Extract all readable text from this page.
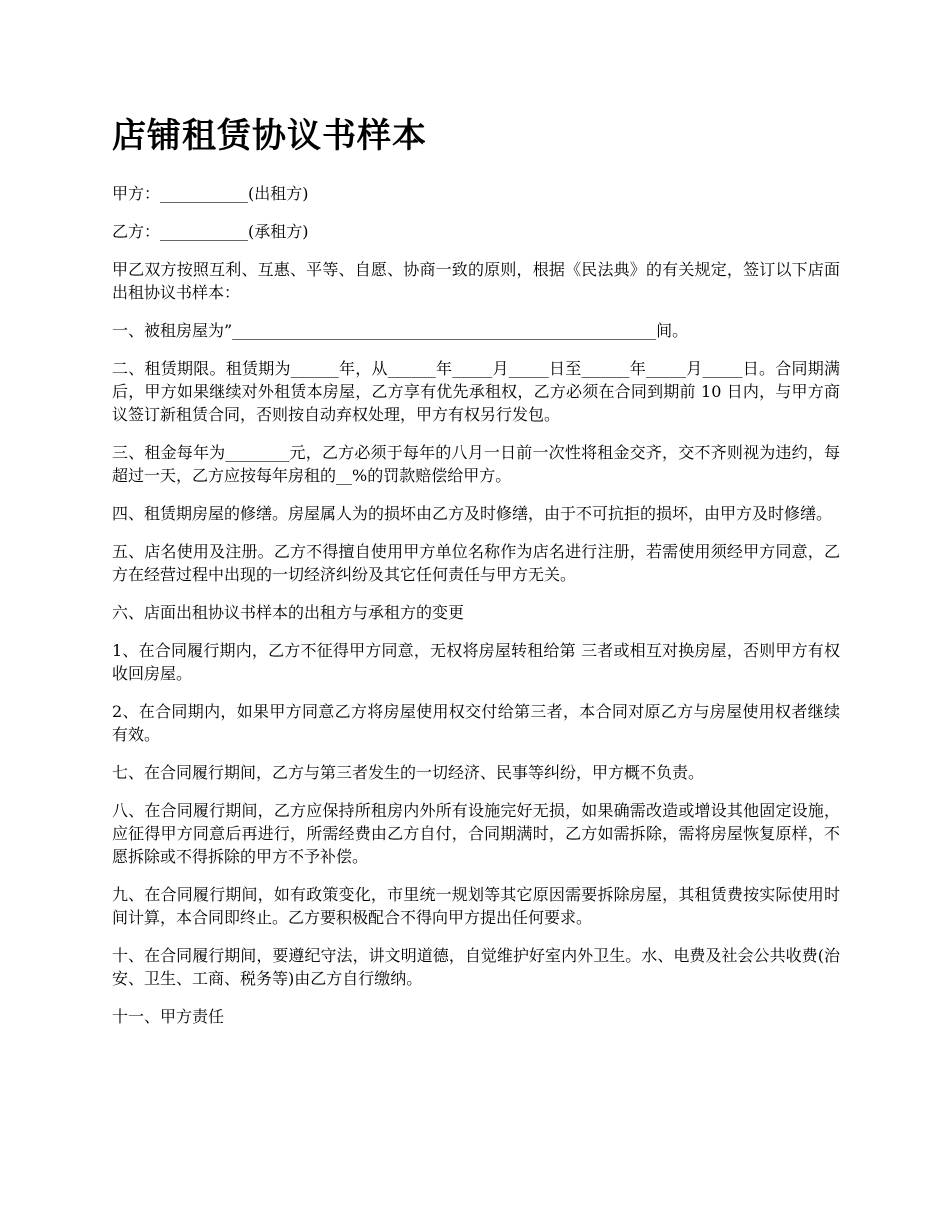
店铺租赁协议书样本

甲方：___________(出租方)

乙方：___________(承租方)

甲乙双方按照互利、互惠、平等、自愿、协商一致的原则，根据《民法典》的有关规定，签订以下店面出租协议书样本：

一、被租房屋为”_____________________________________________________间。

二、租赁期限。租赁期为______年，从______年_____月_____日至______年_____月_____日。合同期满后，甲方如果继续对外租赁本房屋，乙方享有优先承租权，乙方必须在合同到期前 10 日内，与甲方商议签订新租赁合同，否则按自动弃权处理，甲方有权另行发包。

三、租金每年为________元，乙方必须于每年的八月一日前一次性将租金交齐，交不齐则视为违约，每超过一天，乙方应按每年房租的__%的罚款赔偿给甲方。

四、租赁期房屋的修缮。房屋属人为的损坏由乙方及时修缮，由于不可抗拒的损坏，由甲方及时修缮。

五、店名使用及注册。乙方不得擅自使用甲方单位名称作为店名进行注册，若需使用须经甲方同意，乙方在经营过程中出现的一切经济纠纷及其它任何责任与甲方无关。

六、店面出租协议书样本的出租方与承租方的变更

1、在合同履行期内，乙方不征得甲方同意，无权将房屋转租给第 三者或相互对换房屋，否则甲方有权收回房屋。

2、在合同期内，如果甲方同意乙方将房屋使用权交付给第三者，本合同对原乙方与房屋使用权者继续有效。

七、在合同履行期间，乙方与第三者发生的一切经济、民事等纠纷，甲方概不负责。

八、在合同履行期间，乙方应保持所租房内外所有设施完好无损，如果确需改造或增设其他固定设施，应征得甲方同意后再进行，所需经费由乙方自付，合同期满时，乙方如需拆除，需将房屋恢复原样，不愿拆除或不得拆除的甲方不予补偿。

九、在合同履行期间，如有政策变化，市里统一规划等其它原因需要拆除房屋，其租赁费按实际使用时间计算，本合同即终止。乙方要积极配合不得向甲方提出任何要求。

十、在合同履行期间，要遵纪守法，讲文明道德，自觉维护好室内外卫生。水、电费及社会公共收费(治安、卫生、工商、税务等)由乙方自行缴纳。

十一、甲方责任
